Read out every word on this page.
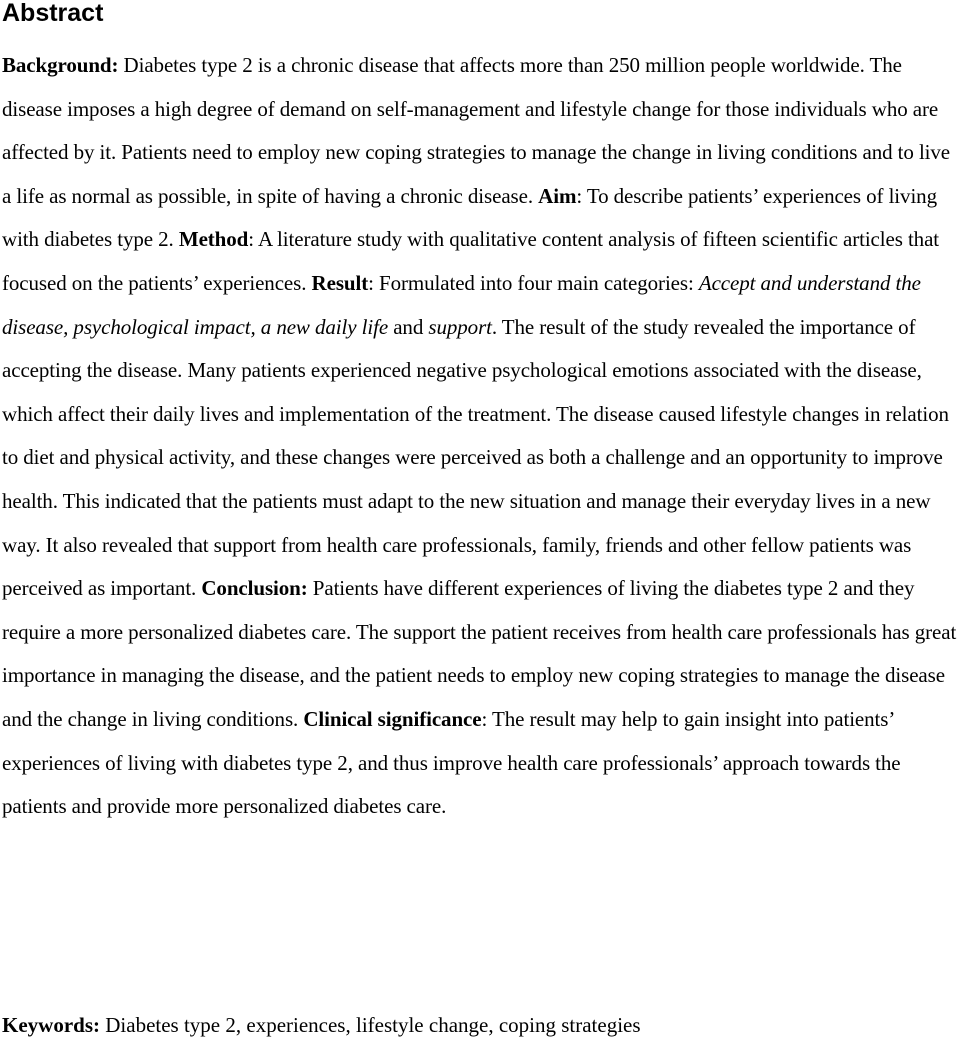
Abstract

Background: Diabetes type 2 is a chronic disease that affects more than 250 million people worldwide. The disease imposes a high degree of demand on self-management and lifestyle change for those individuals who are affected by it. Patients need to employ new coping strategies to manage the change in living conditions and to live a life as normal as possible, in spite of having a chronic disease. Aim: To describe patients’ experiences of living with diabetes type 2. Method: A literature study with qualitative content analysis of fifteen scientific articles that focused on the patients’ experiences. Result: Formulated into four main categories: Accept and understand the disease, psychological impact, a new daily life and support. The result of the study revealed the importance of accepting the disease. Many patients experienced negative psychological emotions associated with the disease, which affect their daily lives and implementation of the treatment. The disease caused lifestyle changes in relation to diet and physical activity, and these changes were perceived as both a challenge and an opportunity to improve health. This indicated that the patients must adapt to the new situation and manage their everyday lives in a new way. It also revealed that support from health care professionals, family, friends and other fellow patients was perceived as important. Conclusion: Patients have different experiences of living the diabetes type 2 and they require a more personalized diabetes care. The support the patient receives from health care professionals has great importance in managing the disease, and the patient needs to employ new coping strategies to manage the disease and the change in living conditions. Clinical significance: The result may help to gain insight into patients’ experiences of living with diabetes type 2, and thus improve health care professionals’ approach towards the patients and provide more personalized diabetes care.

Keywords: Diabetes type 2, experiences, lifestyle change, coping strategies
